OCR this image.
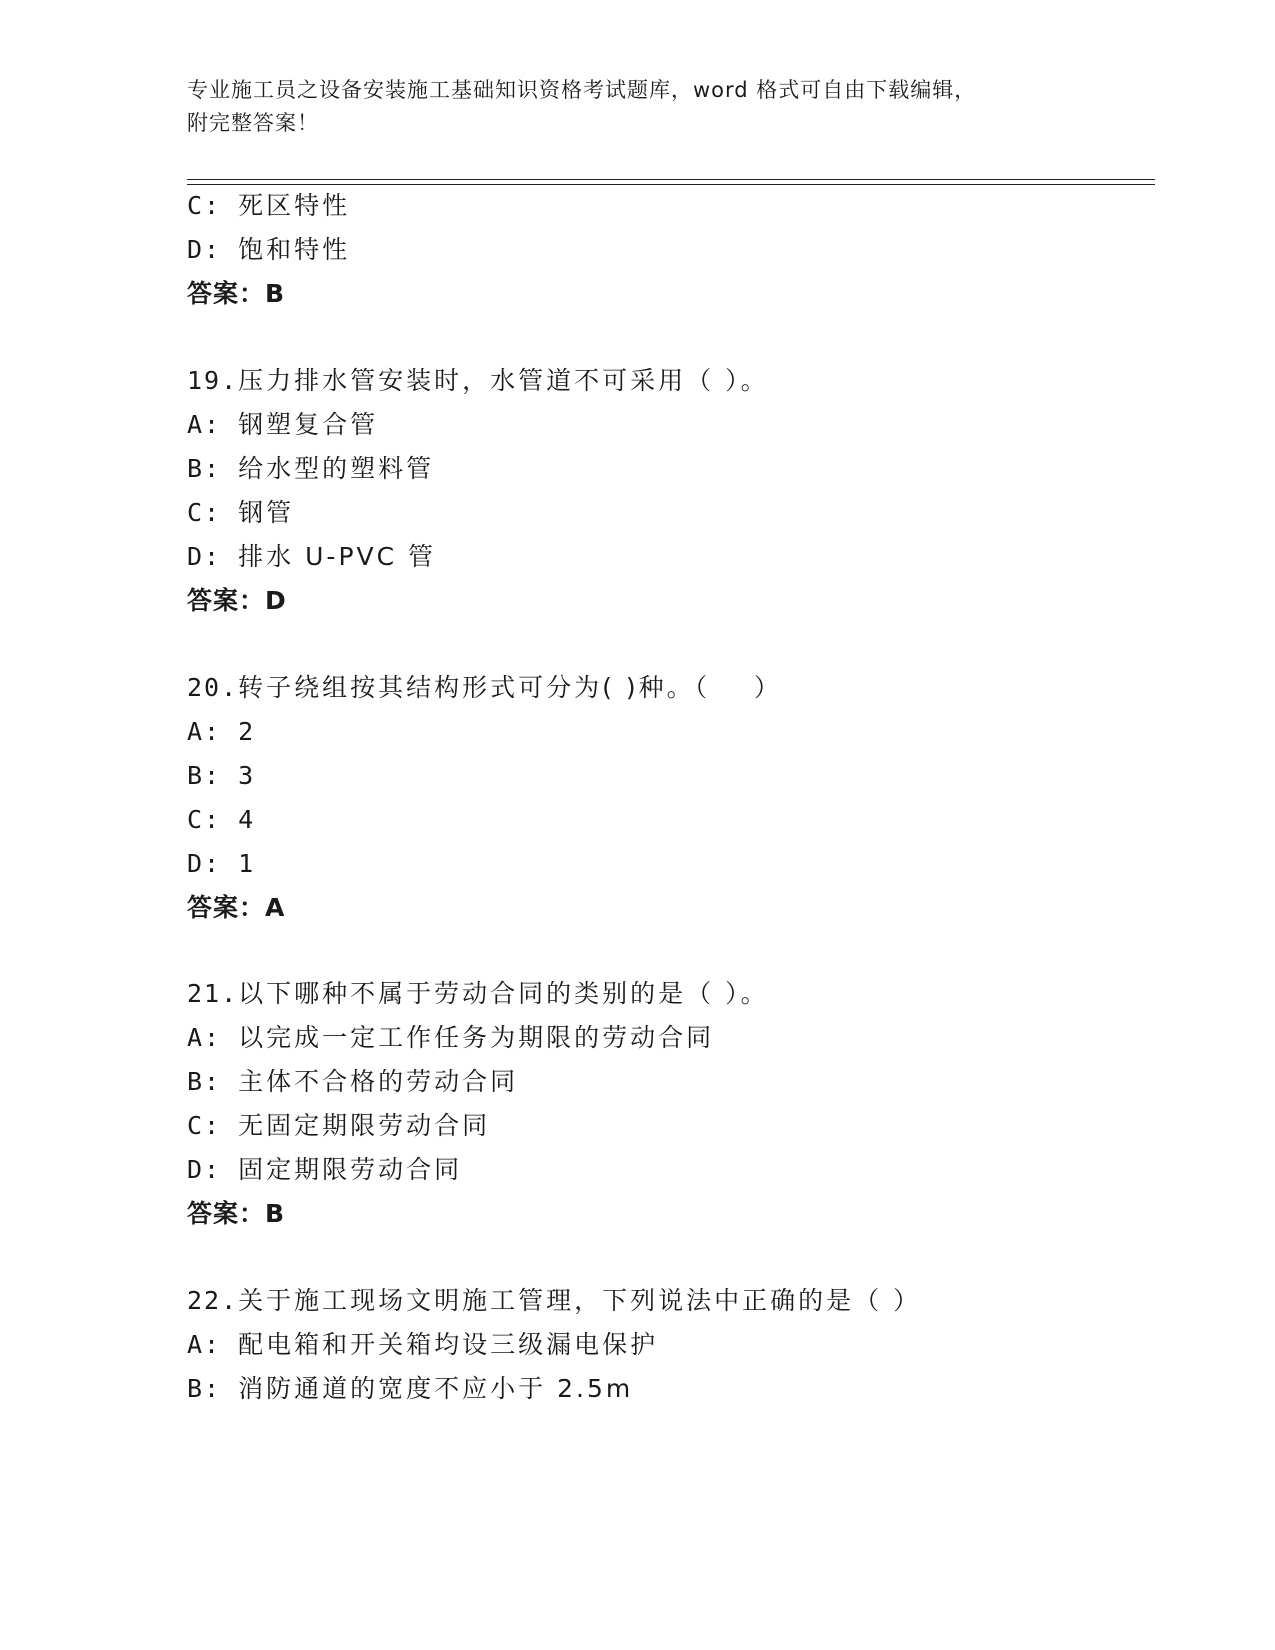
专业施工员之设备安装施工基础知识资格考试题库，word 格式可自由下载编辑，
附完整答案！
C: 死区特性
D: 饱和特性
答案：B
19.压力排水管安装时，水管道不可采用（ ）。
A: 钢塑复合管
B: 给水型的塑料管
C: 钢管
D: 排水 U-PVC 管
答案：D
20.转子绕组按其结构形式可分为( )种。（    ）
A: 2
B: 3
C: 4
D: 1
答案：A
21.以下哪种不属于劳动合同的类别的是（ ）。
A: 以完成一定工作任务为期限的劳动合同
B: 主体不合格的劳动合同
C: 无固定期限劳动合同
D: 固定期限劳动合同
答案：B
22.关于施工现场文明施工管理，下列说法中正确的是（ ）
A: 配电箱和开关箱均设三级漏电保护
B: 消防通道的宽度不应小于 2.5m
